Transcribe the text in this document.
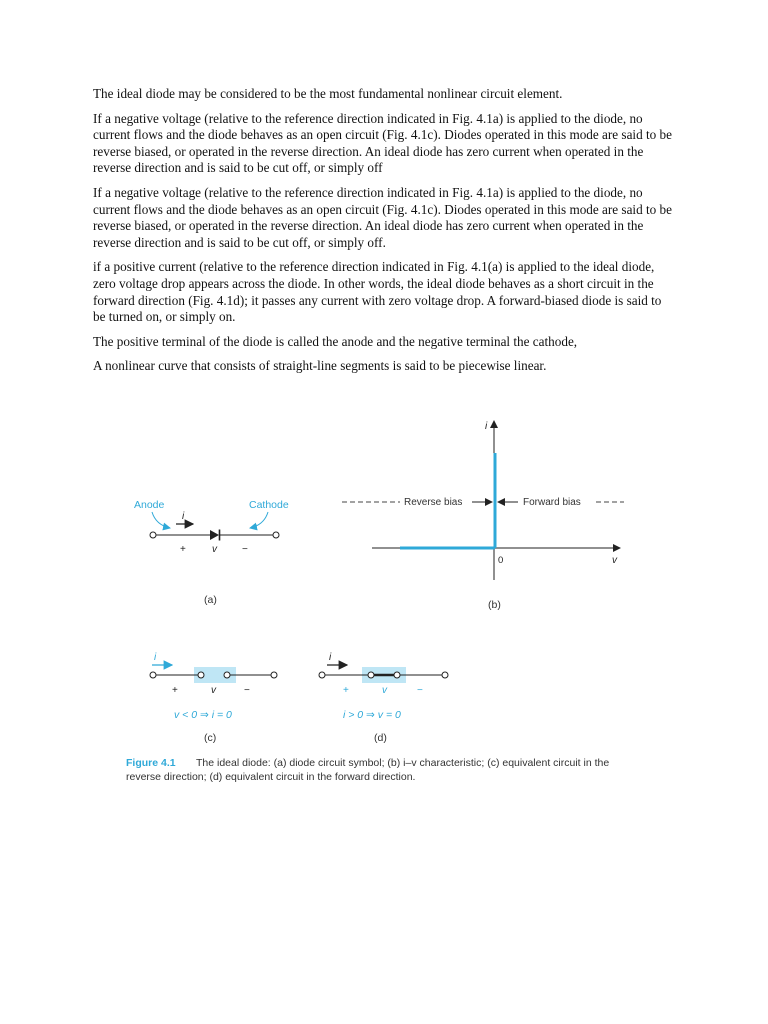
The ideal diode may be considered to be the most fundamental nonlinear circuit element.

If a negative voltage (relative to the reference direction indicated in Fig. 4.1a) is applied to the diode, no current flows and the diode behaves as an open circuit (Fig. 4.1c). Diodes operated in this mode are said to be reverse biased, or operated in the reverse direction. An ideal diode has zero current when operated in the reverse direction and is said to be cut off, or simply off

If a negative voltage (relative to the reference direction indicated in Fig. 4.1a) is applied to the diode, no current flows and the diode behaves as an open circuit (Fig. 4.1c). Diodes operated in this mode are said to be reverse biased, or operated in the reverse direction. An ideal diode has zero current when operated in the reverse direction and is said to be cut off, or simply off.

if a positive current (relative to the reference direction indicated in Fig. 4.1(a) is applied to the ideal diode, zero voltage drop appears across the diode. In other words, the ideal diode behaves as a short circuit in the forward direction (Fig. 4.1d); it passes any current with zero voltage drop. A forward-biased diode is said to be turned on, or simply on.

The positive terminal of the diode is called the anode and the negative terminal the cathode,

A nonlinear curve that consists of straight-line segments is said to be piecewise linear.

Anode	Cathode
i
+	v	−
(a)
i
v
0
Reverse bias	Forward bias
(b)
i
+	v	−
v < 0 ⇒ i = 0
(c)
i
+	v	−
i > 0 ⇒ v = 0
(d)
Figure 4.1 The ideal diode: (a) diode circuit symbol; (b) i–v characteristic; (c) equivalent circuit in the
reverse direction; (d) equivalent circuit in the forward direction.
